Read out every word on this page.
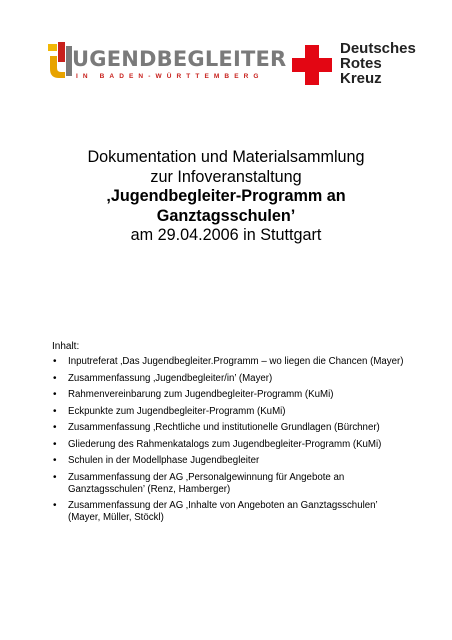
UGENDBEGLEITER
IN BADEN-WÜRTTEMBERG
Deutsches
Rotes
Kreuz
Dokumentation und Materialsammlung
zur Infoveranstaltung
‚Jugendbegleiter-Programm an
Ganztagsschulen’
am 29.04.2006 in Stuttgart
Inhalt:
• Inputreferat ‚Das Jugendbegleiter.Programm – wo liegen die Chancen (Mayer)
• Zusammenfassung ‚Jugendbegleiter/in’ (Mayer)
• Rahmenvereinbarung zum Jugendbegleiter-Programm (KuMi)
• Eckpunkte zum Jugendbegleiter-Programm (KuMi)
• Zusammenfassung ‚Rechtliche und institutionelle Grundlagen (Bürchner)
• Gliederung des Rahmenkatalogs zum Jugendbegleiter-Programm (KuMi)
• Schulen in der Modellphase Jugendbegleiter
• Zusammenfassung der AG ‚Personalgewinnung für Angebote an Ganztagsschulen’ (Renz, Hamberger)
• Zusammenfassung der AG ‚Inhalte von Angeboten an Ganztagsschulen’ (Mayer, Müller, Stöckl)
